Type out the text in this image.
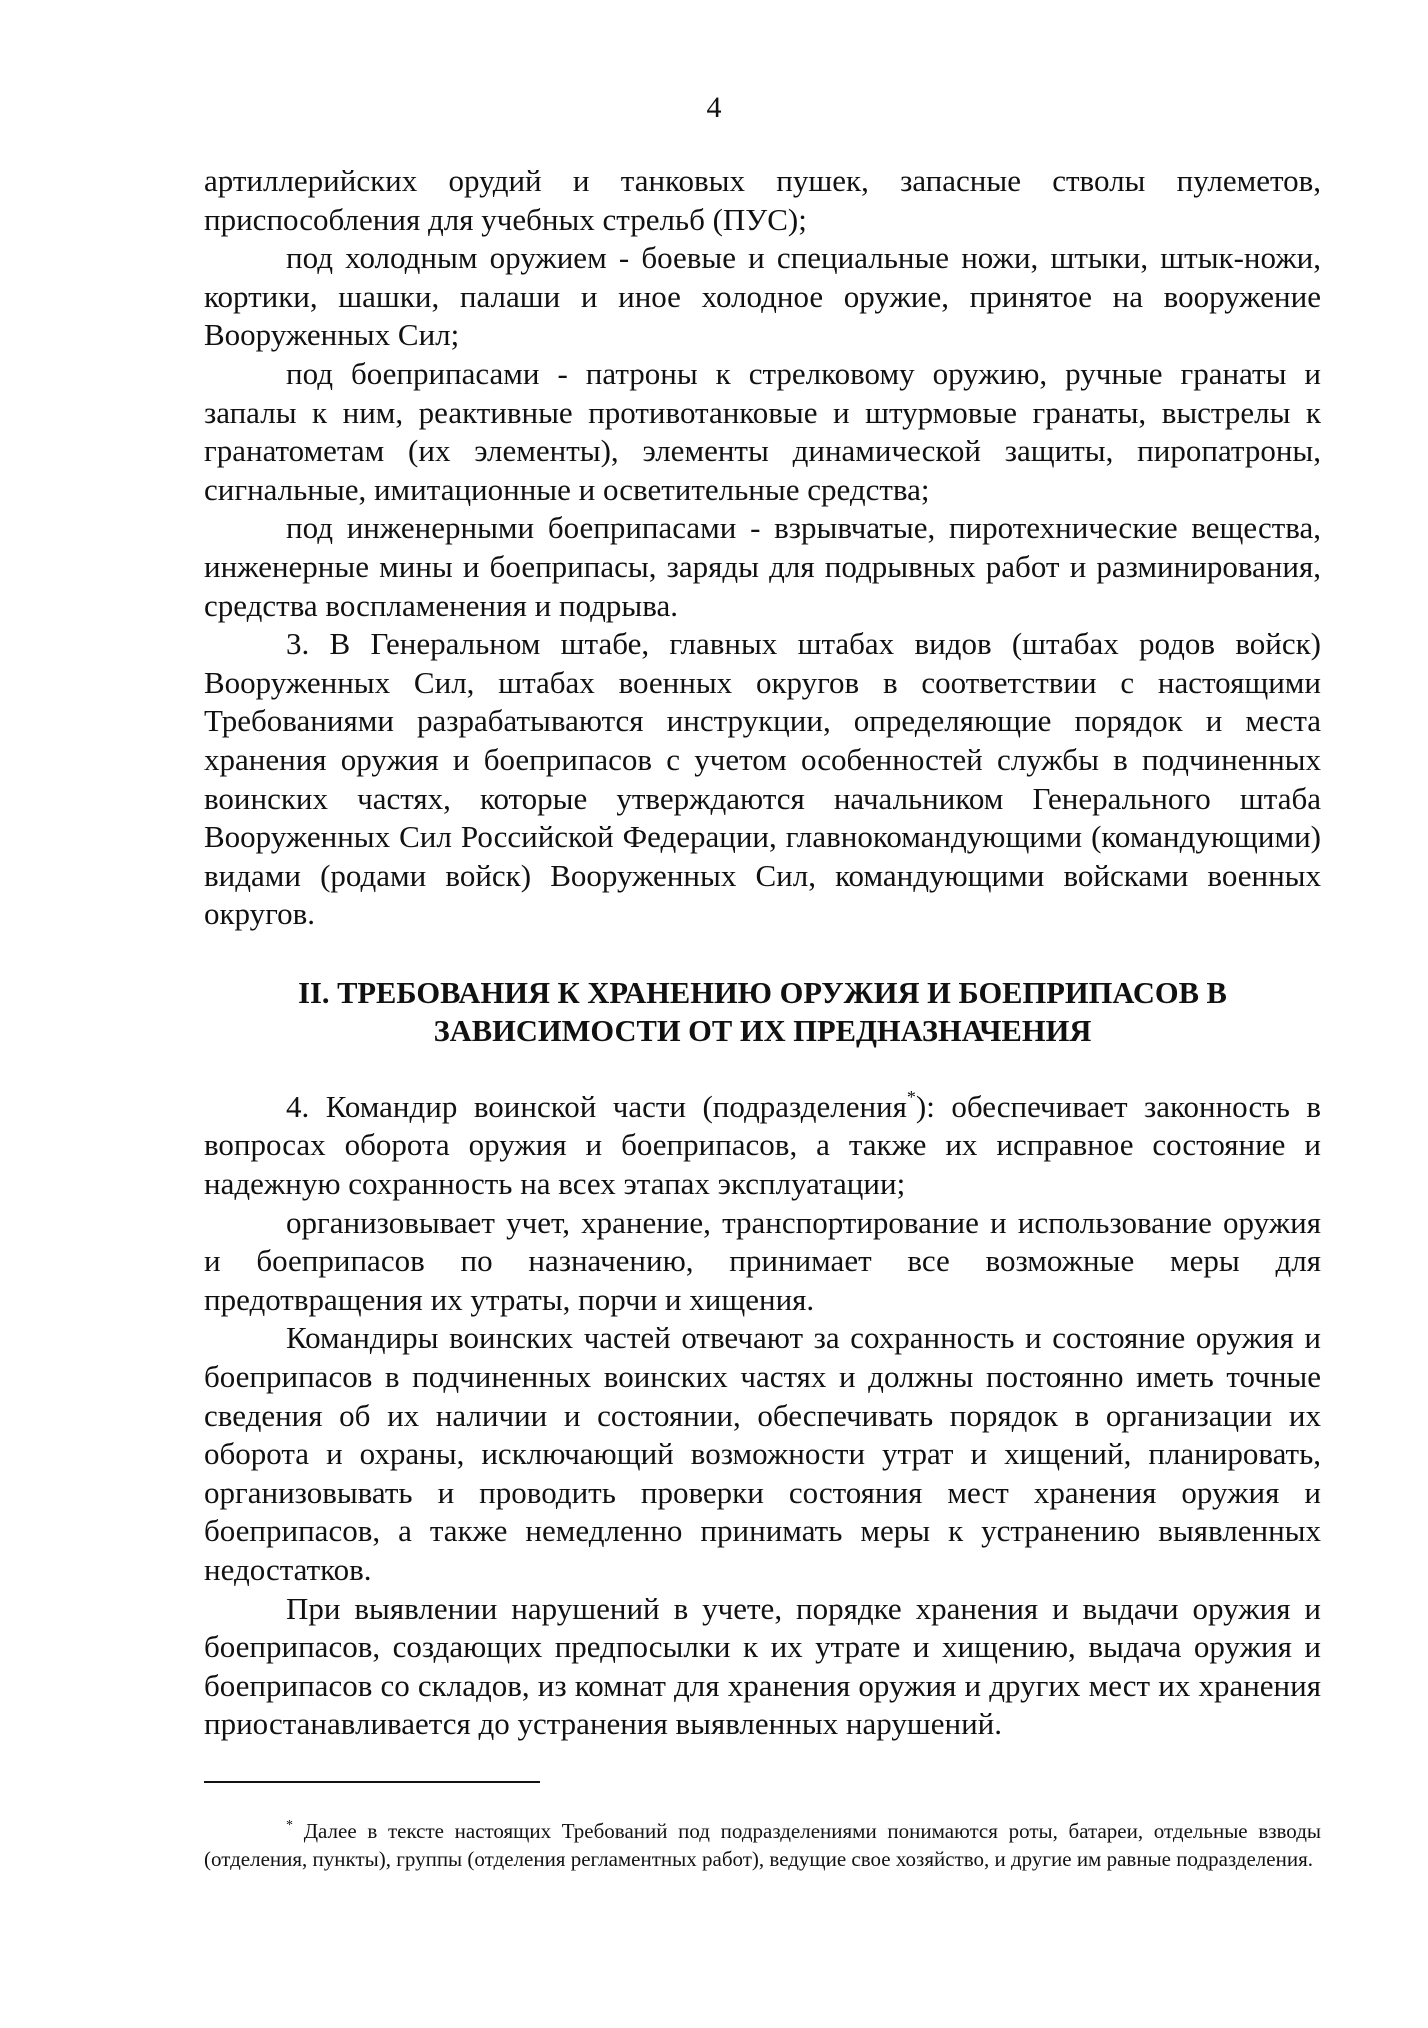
4

артиллерийских орудий и танковых пушек, запасные стволы пулеметов, приспособления для учебных стрельб (ПУС);

под холодным оружием - боевые и специальные ножи, штыки, штык-ножи, кортики, шашки, палаши и иное холодное оружие, принятое на вооружение Вооруженных Сил;

под боеприпасами - патроны к стрелковому оружию, ручные гранаты и запалы к ним, реактивные противотанковые и штурмовые гранаты, выстрелы к гранатометам (их элементы), элементы динамической защиты, пиропатроны, сигнальные, имитационные и осветительные средства;

под инженерными боеприпасами - взрывчатые, пиротехнические вещества, инженерные мины и боеприпасы, заряды для подрывных работ и разминирования, средства воспламенения и подрыва.

3. В Генеральном штабе, главных штабах видов (штабах родов войск) Вооруженных Сил, штабах военных округов в соответствии с настоящими Требованиями разрабатываются инструкции, определяющие порядок и места хранения оружия и боеприпасов с учетом особенностей службы в подчиненных воинских частях, которые утверждаются начальником Генерального штаба Вооруженных Сил Российской Федерации, главнокомандующими (командующими) видами (родами войск) Вооруженных Сил, командующими войсками военных округов.

II. ТРЕБОВАНИЯ К ХРАНЕНИЮ ОРУЖИЯ И БОЕПРИПАСОВ В ЗАВИСИМОСТИ ОТ ИХ ПРЕДНАЗНАЧЕНИЯ

4. Командир воинской части (подразделения*): обеспечивает законность в вопросах оборота оружия и боеприпасов, а также их исправное состояние и надежную сохранность на всех этапах эксплуатации;

организовывает учет, хранение, транспортирование и использование оружия и боеприпасов по назначению, принимает все возможные меры для предотвращения их утраты, порчи и хищения.

Командиры воинских частей отвечают за сохранность и состояние оружия и боеприпасов в подчиненных воинских частях и должны постоянно иметь точные сведения об их наличии и состоянии, обеспечивать порядок в организации их оборота и охраны, исключающий возможности утрат и хищений, планировать, организовывать и проводить проверки состояния мест хранения оружия и боеприпасов, а также немедленно принимать меры к устранению выявленных недостатков.

При выявлении нарушений в учете, порядке хранения и выдачи оружия и боеприпасов, создающих предпосылки к их утрате и хищению, выдача оружия и боеприпасов со складов, из комнат для хранения оружия и других мест их хранения приостанавливается до устранения выявленных нарушений.

* Далее в тексте настоящих Требований под подразделениями понимаются роты, батареи, отдельные взводы (отделения, пункты), группы (отделения регламентных работ), ведущие свое хозяйство, и другие им равные подразделения.
